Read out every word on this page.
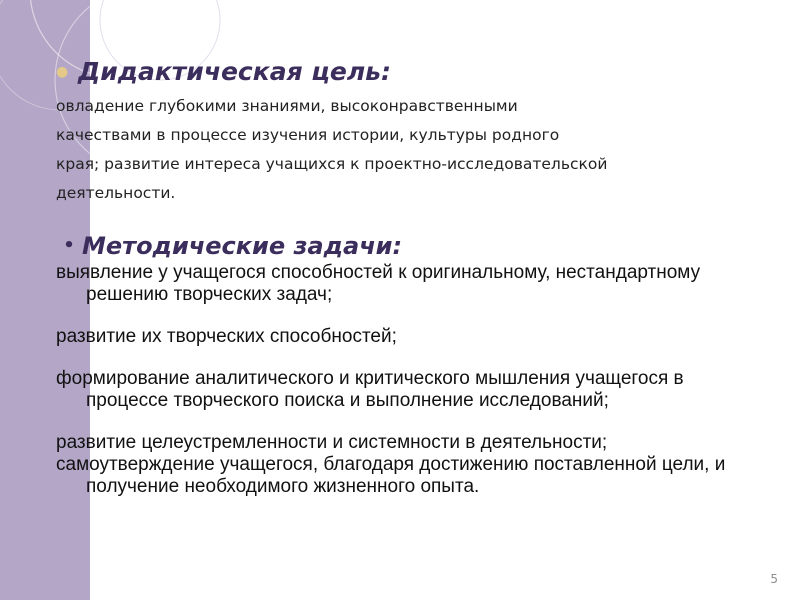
● Дидактическая цель:

овладение глубокими знаниями, высоконравственными
качествами в процессе изучения истории, культуры родного
края; развитие интереса учащихся к проектно-исследовательской
деятельности.

• Методические задачи:

выявление у учащегося способностей к оригинальному, нестандартному решению творческих задач;

развитие их творческих способностей;

формирование аналитического и критического мышления учащегося в процессе творческого поиска и выполнение исследований;

развитие целеустремленности и системности в деятельности;

самоутверждение учащегося, благодаря достижению поставленной цели, и получение необходимого жизненного опыта.

5
